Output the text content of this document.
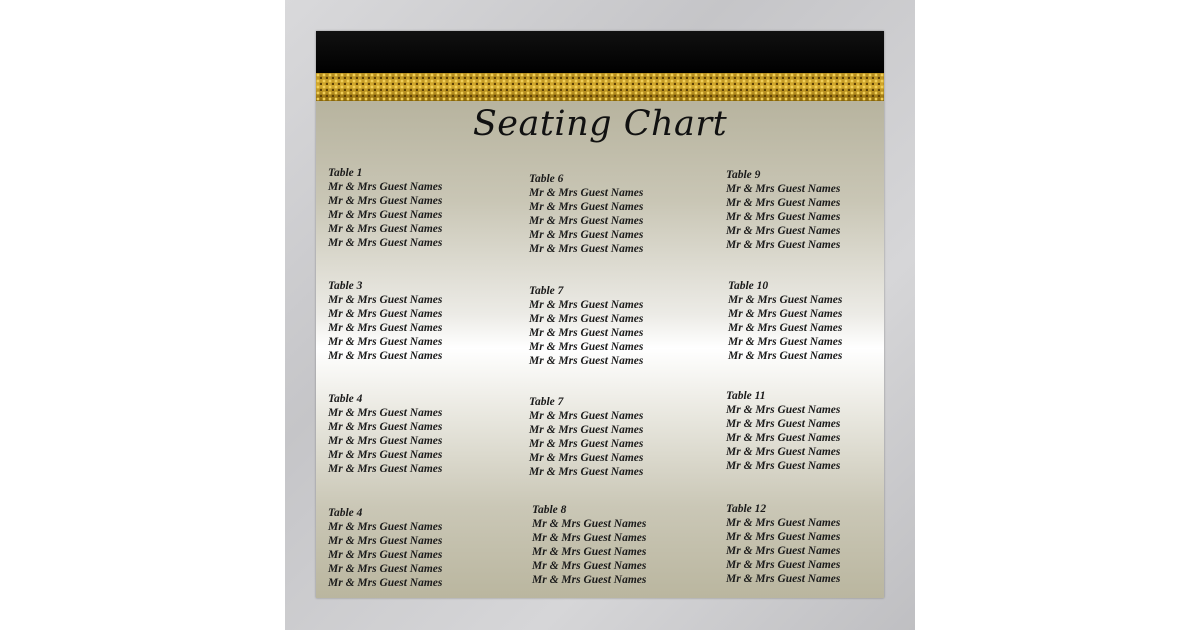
Seating Chart
Table 1
Mr & Mrs Guest Names
Mr & Mrs Guest Names
Mr & Mrs Guest Names
Mr & Mrs Guest Names
Mr & Mrs Guest Names
Table 3
Mr & Mrs Guest Names
Mr & Mrs Guest Names
Mr & Mrs Guest Names
Mr & Mrs Guest Names
Mr & Mrs Guest Names
Table 4
Mr & Mrs Guest Names
Mr & Mrs Guest Names
Mr & Mrs Guest Names
Mr & Mrs Guest Names
Mr & Mrs Guest Names
Table 4
Mr & Mrs Guest Names
Mr & Mrs Guest Names
Mr & Mrs Guest Names
Mr & Mrs Guest Names
Mr & Mrs Guest Names
Table 6
Mr & Mrs Guest Names
Mr & Mrs Guest Names
Mr & Mrs Guest Names
Mr & Mrs Guest Names
Mr & Mrs Guest Names
Table 7
Mr & Mrs Guest Names
Mr & Mrs Guest Names
Mr & Mrs Guest Names
Mr & Mrs Guest Names
Mr & Mrs Guest Names
Table 7
Mr & Mrs Guest Names
Mr & Mrs Guest Names
Mr & Mrs Guest Names
Mr & Mrs Guest Names
Mr & Mrs Guest Names
Table 8
Mr & Mrs Guest Names
Mr & Mrs Guest Names
Mr & Mrs Guest Names
Mr & Mrs Guest Names
Mr & Mrs Guest Names
Table 9
Mr & Mrs Guest Names
Mr & Mrs Guest Names
Mr & Mrs Guest Names
Mr & Mrs Guest Names
Mr & Mrs Guest Names
Table 10
Mr & Mrs Guest Names
Mr & Mrs Guest Names
Mr & Mrs Guest Names
Mr & Mrs Guest Names
Mr & Mrs Guest Names
Table 11
Mr & Mrs Guest Names
Mr & Mrs Guest Names
Mr & Mrs Guest Names
Mr & Mrs Guest Names
Mr & Mrs Guest Names
Table 12
Mr & Mrs Guest Names
Mr & Mrs Guest Names
Mr & Mrs Guest Names
Mr & Mrs Guest Names
Mr & Mrs Guest Names
